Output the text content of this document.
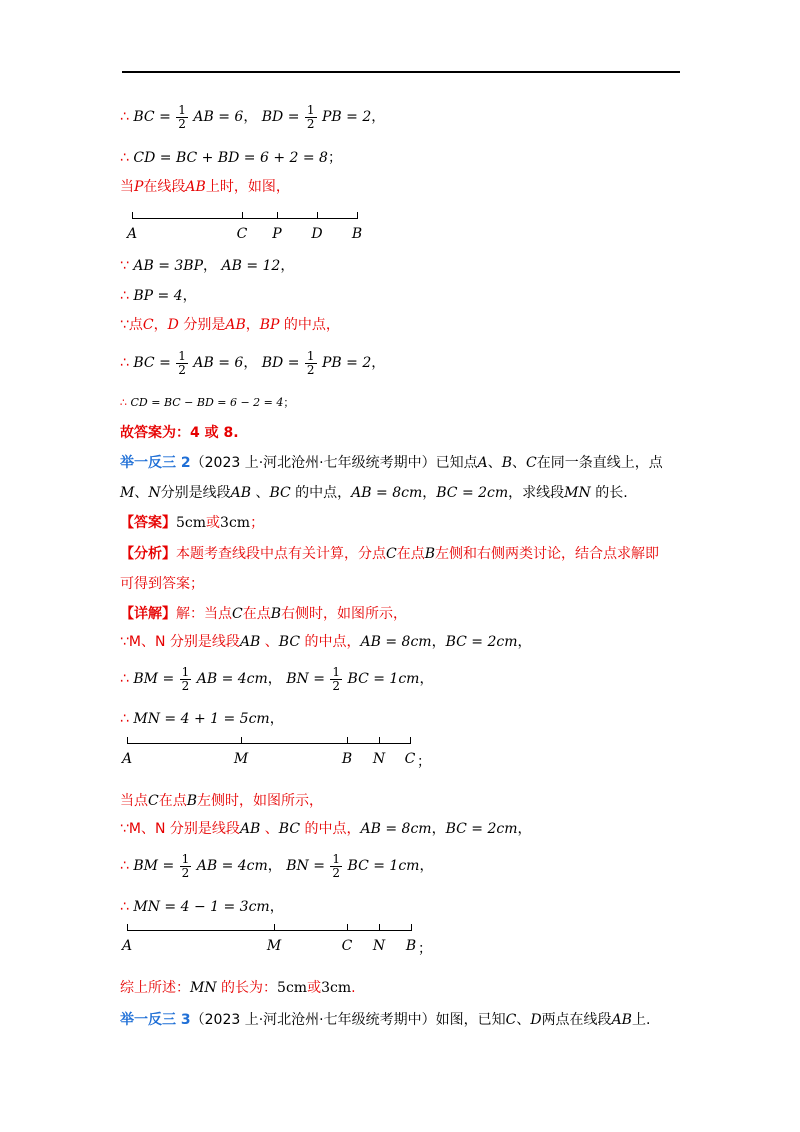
∴ BC = $\frac{1}{2}$ AB = 6， BD = $\frac{1}{2}$ PB = 2，
∴ CD = BC + BD = 6 + 2 = 8；
当P在线段AB上时，如图，
A	C P D B
∵ AB = 3BP， AB = 12，
∴ BP = 4，
∵点C，D 分别是AB，BP 的中点，
∴ BC = $\frac{1}{2}$ AB = 6， BD = $\frac{1}{2}$ PB = 2，
∴ CD = BC − BD = 6 − 2 = 4；
故答案为：4 或 8.
举一反三 2（2023 上·河北沧州·七年级统考期中）已知点A、B、C在同一条直线上，点
M、N分别是线段AB 、BC 的中点，AB = 8cm，BC = 2cm，求线段MN 的长.
【答案】5cm或3cm；
【分析】本题考查线段中点有关计算，分点C在点B左侧和右侧两类讨论，结合点求解即
可得到答案；
【详解】解：当点C在点B右侧时，如图所示，
∵M、N 分别是线段AB 、BC 的中点，AB = 8cm，BC = 2cm，
∴ BM = $\frac{1}{2}$ AB = 4cm， BN = $\frac{1}{2}$ BC = 1cm，
∴ MN = 4 + 1 = 5cm，
A	M	B N C ；
当点C在点B左侧时，如图所示，
∵M、N 分别是线段AB 、BC 的中点，AB = 8cm，BC = 2cm，
∴ BM = $\frac{1}{2}$ AB = 4cm， BN = $\frac{1}{2}$ BC = 1cm，
∴ MN = 4 − 1 = 3cm，
A	M	C N B ；
综上所述：MN 的长为：5cm或3cm.
举一反三 3（2023 上·河北沧州·七年级统考期中）如图，已知C、D两点在线段AB上.
